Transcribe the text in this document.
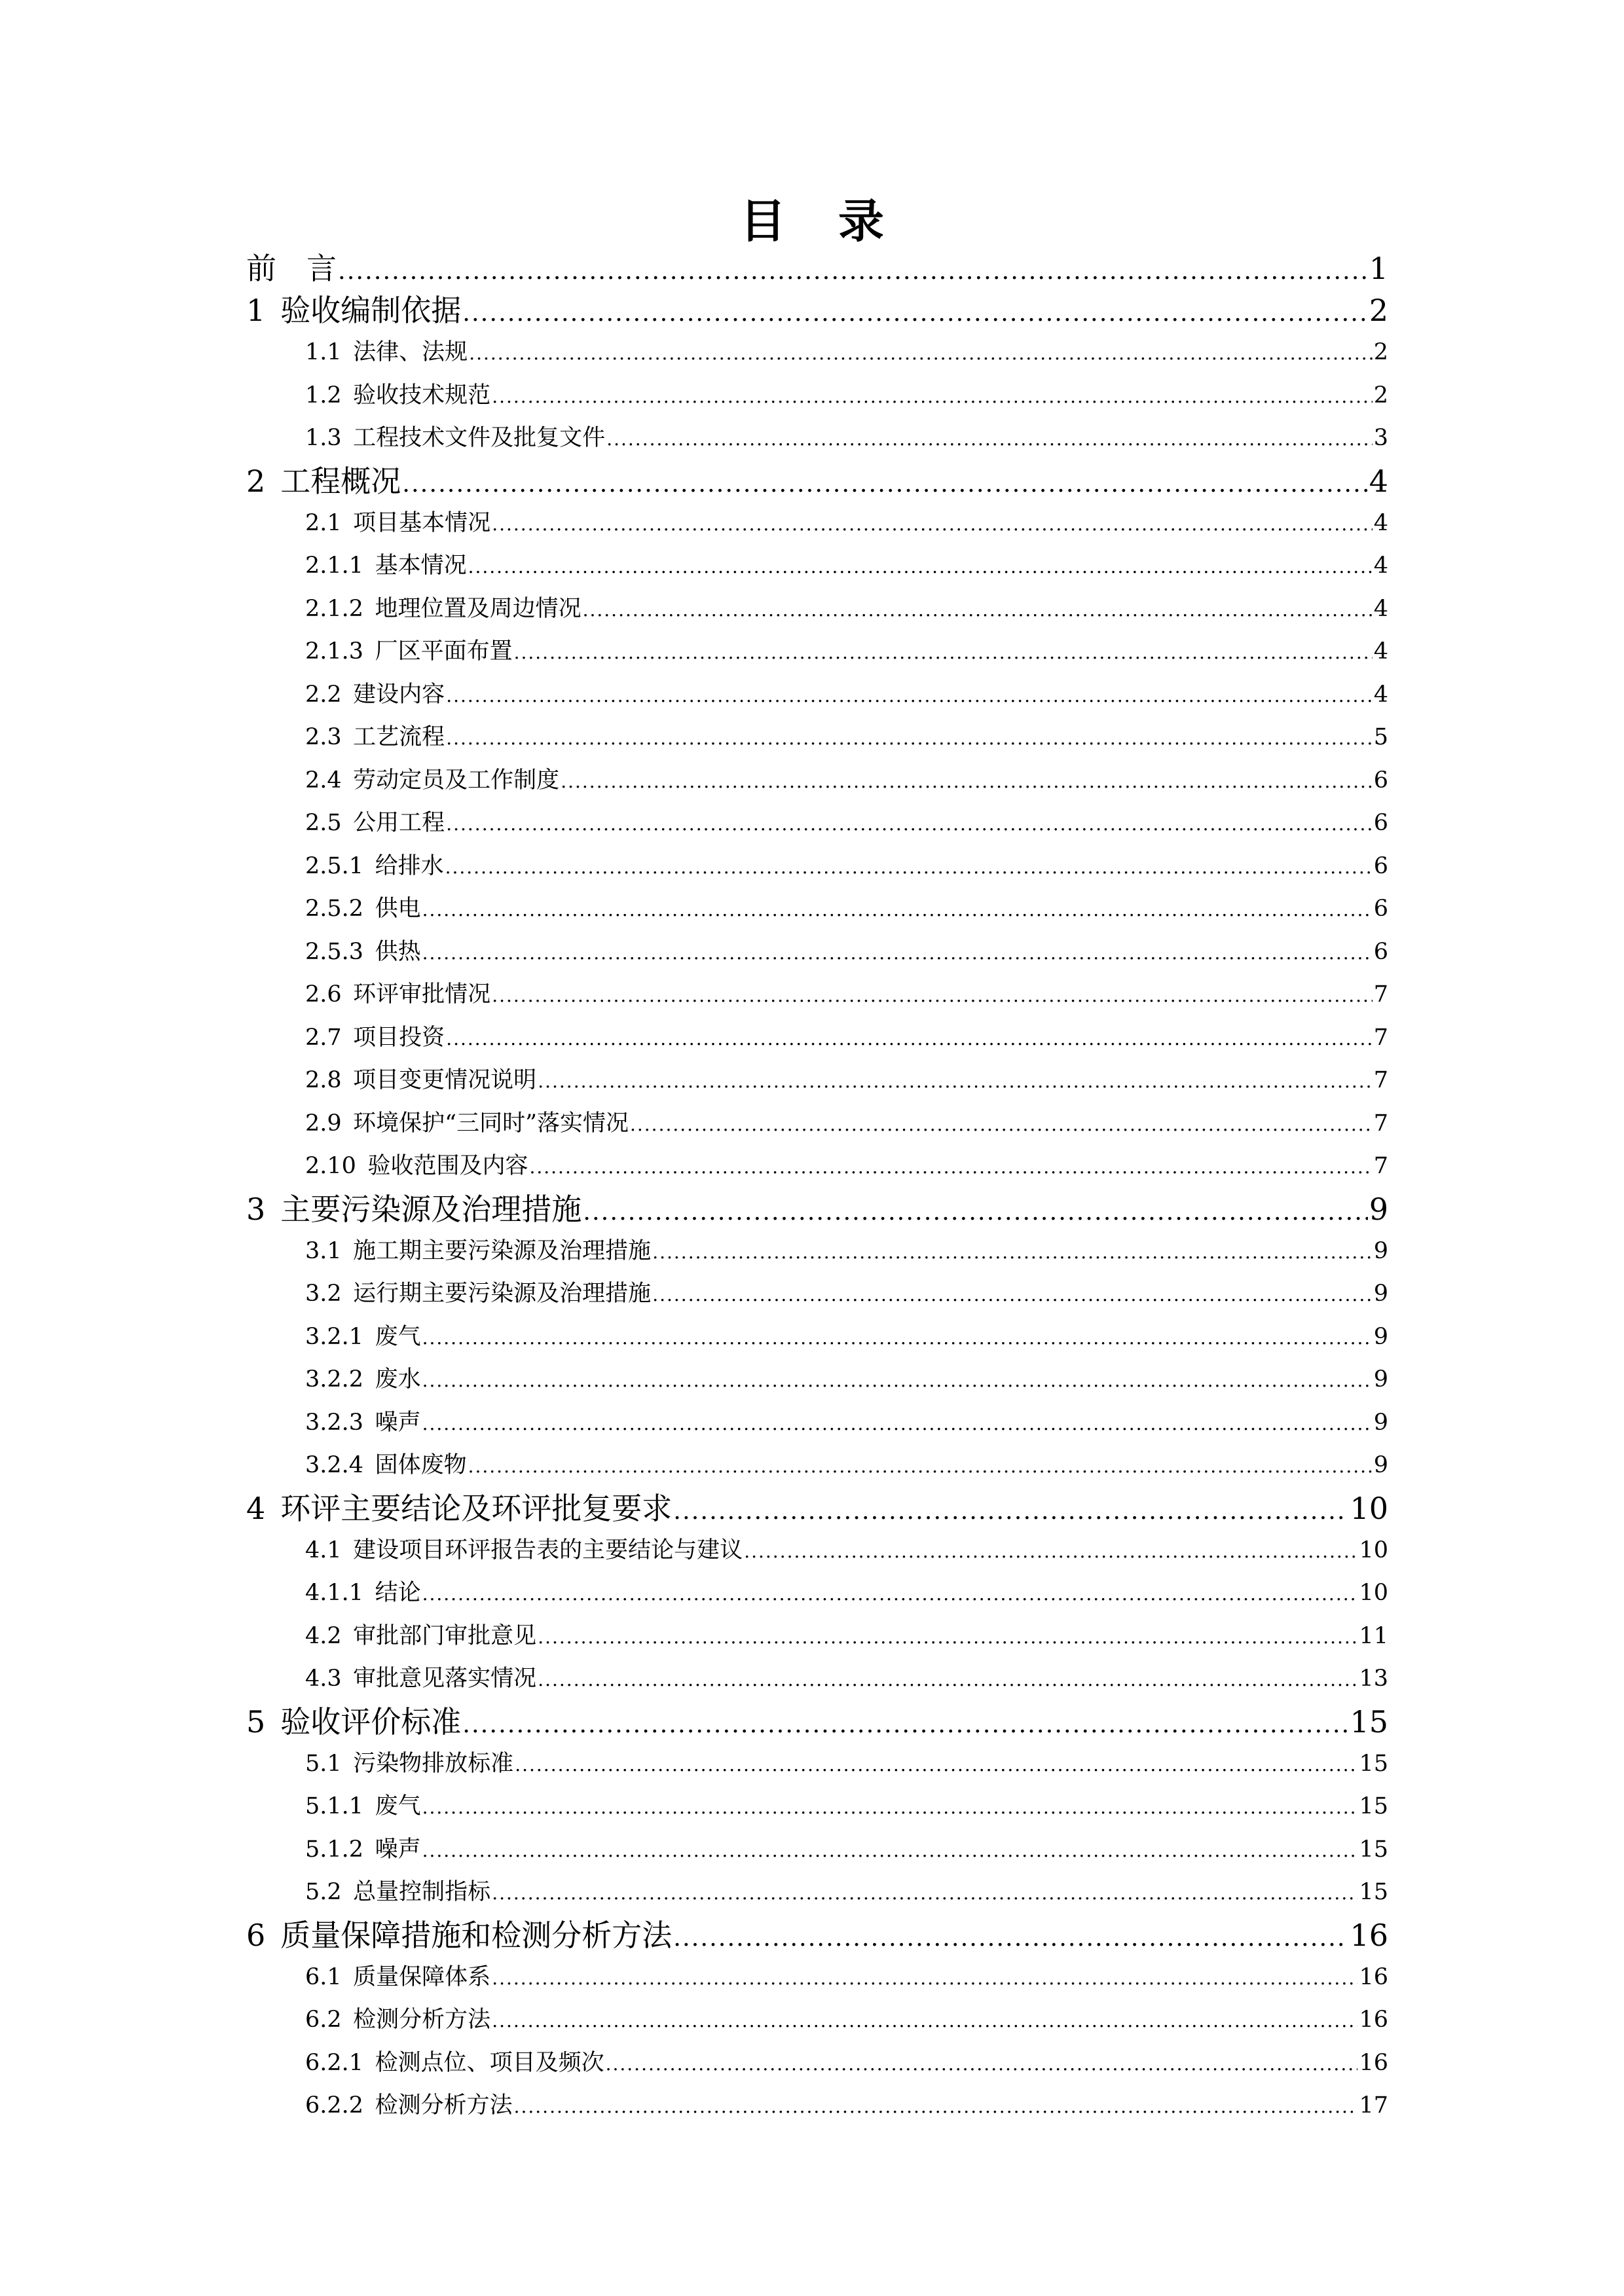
目录
前　言 .....	1
1 验收编制依据 .....	2
1.1 法律、法规 .....	2
1.2 验收技术规范 .....	2
1.3 工程技术文件及批复文件 .....	3
2 工程概况 .....	4
2.1 项目基本情况 .....	4
2.1.1 基本情况 .....	4
2.1.2 地理位置及周边情况 .....	4
2.1.3 厂区平面布置 .....	4
2.2 建设内容 .....	4
2.3 工艺流程 .....	5
2.4 劳动定员及工作制度 .....	6
2.5 公用工程 .....	6
2.5.1 给排水 .....	6
2.5.2 供电 .....	6
2.5.3 供热 .....	6
2.6 环评审批情况 .....	7
2.7 项目投资 .....	7
2.8 项目变更情况说明 .....	7
2.9 环境保护“三同时”落实情况 .....	7
2.10 验收范围及内容 .....	7
3 主要污染源及治理措施 .....	9
3.1 施工期主要污染源及治理措施 .....	9
3.2 运行期主要污染源及治理措施 .....	9
3.2.1 废气 .....	9
3.2.2 废水 .....	9
3.2.3 噪声 .....	9
3.2.4 固体废物 .....	9
4 环评主要结论及环评批复要求 .....	10
4.1 建设项目环评报告表的主要结论与建议 .....	10
4.1.1 结论 .....	10
4.2 审批部门审批意见 .....	11
4.3 审批意见落实情况 .....	13
5 验收评价标准 .....	15
5.1 污染物排放标准 .....	15
5.1.1 废气 .....	15
5.1.2 噪声 .....	15
5.2 总量控制指标 .....	15
6 质量保障措施和检测分析方法 .....	16
6.1 质量保障体系 .....	16
6.2 检测分析方法 .....	16
6.2.1 检测点位、项目及频次 .....	16
6.2.2 检测分析方法 .....	17
